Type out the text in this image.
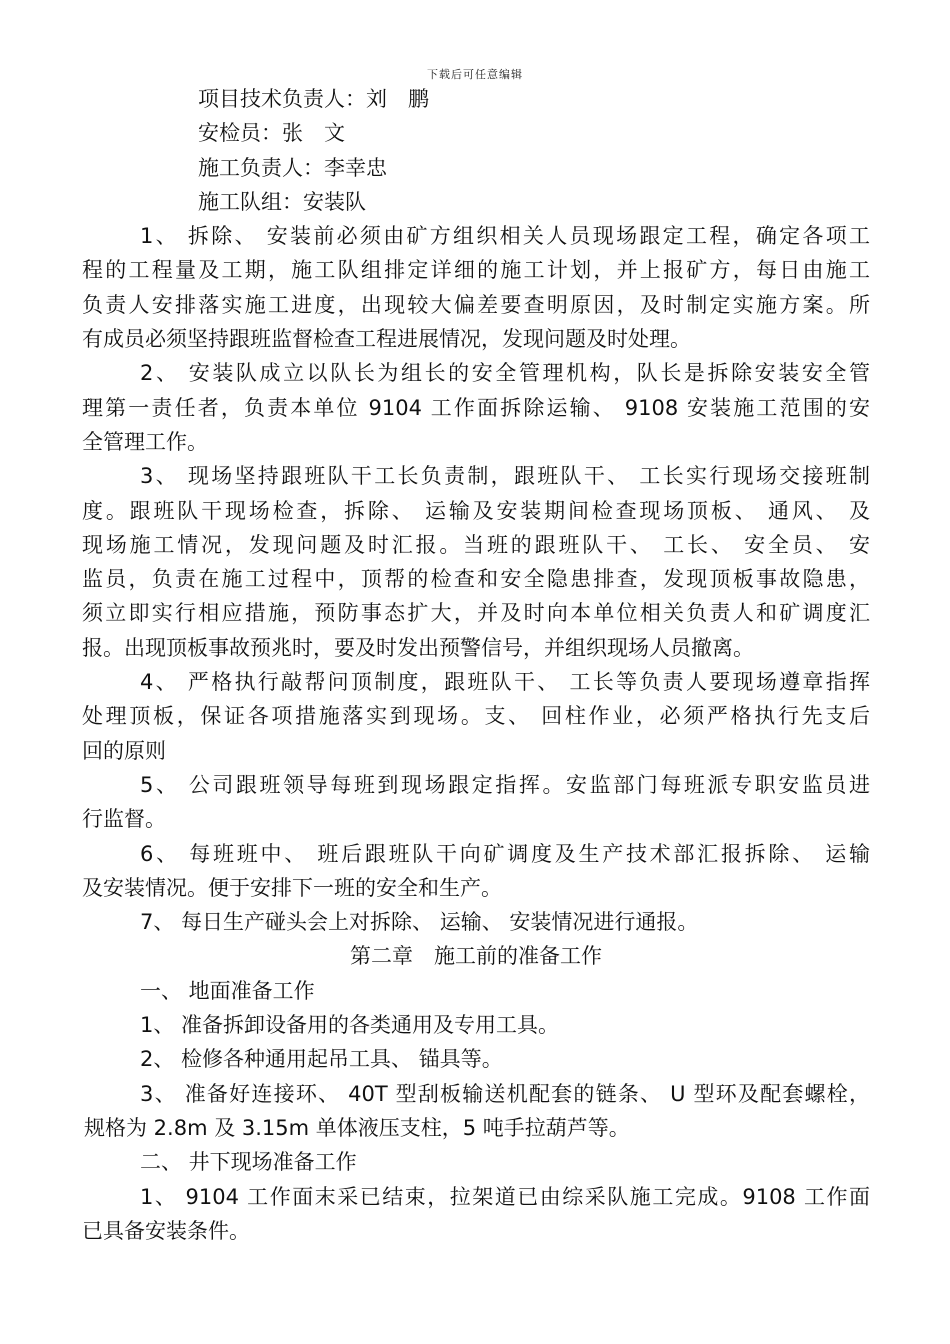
下载后可任意编辑
项目技术负责人：刘　鹏
安检员：张　文
施工负责人：李幸忠
施工队组：安装队
1、 拆除、 安装前必须由矿方组织相关人员现场跟定工程，确定各项工
程的工程量及工期，施工队组排定详细的施工计划，并上报矿方，每日由施工
负责人安排落实施工进度，出现较大偏差要查明原因，及时制定实施方案。所
有成员必须坚持跟班监督检查工程进展情况，发现问题及时处理。
2、 安装队成立以队长为组长的安全管理机构，队长是拆除安装安全管
理第一责任者，负责本单位 9104 工作面拆除运输、 9108 安装施工范围的安
全管理工作。
3、 现场坚持跟班队干工长负责制，跟班队干、 工长实行现场交接班制
度。跟班队干现场检查，拆除、 运输及安装期间检查现场顶板、 通风、 及
现场施工情况，发现问题及时汇报。当班的跟班队干、 工长、 安全员、 安
监员，负责在施工过程中，顶帮的检查和安全隐患排查，发现顶板事故隐患，
须立即实行相应措施，预防事态扩大，并及时向本单位相关负责人和矿调度汇
报。出现顶板事故预兆时，要及时发出预警信号，并组织现场人员撤离。
4、 严格执行敲帮问顶制度，跟班队干、 工长等负责人要现场遵章指挥
处理顶板，保证各项措施落实到现场。支、 回柱作业，必须严格执行先支后
回的原则
5、 公司跟班领导每班到现场跟定指挥。安监部门每班派专职安监员进
行监督。
6、 每班班中、 班后跟班队干向矿调度及生产技术部汇报拆除、 运输
及安装情况。便于安排下一班的安全和生产。
7、 每日生产碰头会上对拆除、 运输、 安装情况进行通报。
第二章　施工前的准备工作
一、 地面准备工作
1、 准备拆卸设备用的各类通用及专用工具。
2、 检修各种通用起吊工具、 锚具等。
3、 准备好连接环、 40T 型刮板输送机配套的链条、 U 型环及配套螺栓，
规格为 2.8m 及 3.15m 单体液压支柱，5 吨手拉葫芦等。
二、 井下现场准备工作
1、 9104 工作面末采已结束，拉架道已由综采队施工完成。9108 工作面
已具备安装条件。
